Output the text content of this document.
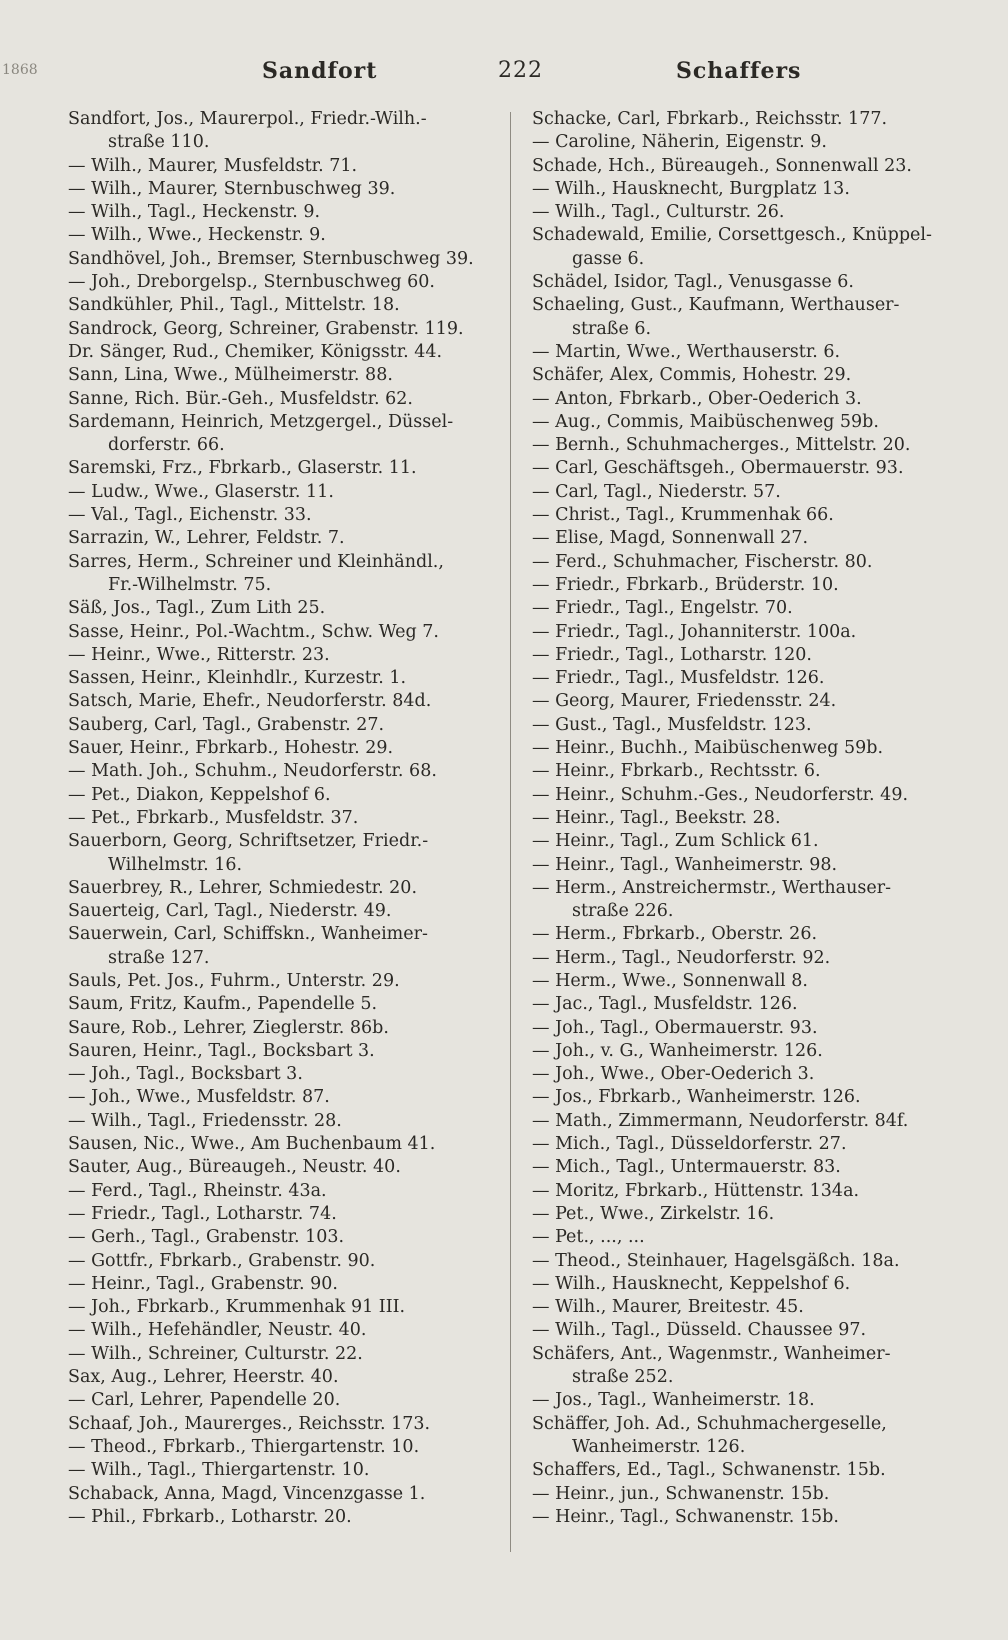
1868	Sandfort	222	Schaffers
Sandfort, Jos., Maurerpol., Friedr.-Wilh.-
straße 110.
— Wilh., Maurer, Musfeldstr. 71.
— Wilh., Maurer, Sternbuschweg 39.
— Wilh., Tagl., Heckenstr. 9.
— Wilh., Wwe., Heckenstr. 9.
Sandhövel, Joh., Bremser, Sternbuschweg 39.
— Joh., Dreborgelsp., Sternbuschweg 60.
Sandkühler, Phil., Tagl., Mittelstr. 18.
Sandrock, Georg, Schreiner, Grabenstr. 119.
Dr. Sänger, Rud., Chemiker, Königsstr. 44.
Sann, Lina, Wwe., Mülheimerstr. 88.
Sanne, Rich. Bür.-Geh., Musfeldstr. 62.
Sardemann, Heinrich, Metzgergel., Düssel-
dorferstr. 66.
Saremski, Frz., Fbrkarb., Glaserstr. 11.
— Ludw., Wwe., Glaserstr. 11.
— Val., Tagl., Eichenstr. 33.
Sarrazin, W., Lehrer, Feldstr. 7.
Sarres, Herm., Schreiner und Kleinhändl.,
Fr.-Wilhelmstr. 75.
Säß, Jos., Tagl., Zum Lith 25.
Sasse, Heinr., Pol.-Wachtm., Schw. Weg 7.
— Heinr., Wwe., Ritterstr. 23.
Sassen, Heinr., Kleinhdlr., Kurzestr. 1.
Satsch, Marie, Ehefr., Neudorferstr. 84d.
Sauberg, Carl, Tagl., Grabenstr. 27.
Sauer, Heinr., Fbrkarb., Hohestr. 29.
— Math. Joh., Schuhm., Neudorferstr. 68.
— Pet., Diakon, Keppelshof 6.
— Pet., Fbrkarb., Musfeldstr. 37.
Sauerborn, Georg, Schriftsetzer, Friedr.-
Wilhelmstr. 16.
Sauerbrey, R., Lehrer, Schmiedestr. 20.
Sauerteig, Carl, Tagl., Niederstr. 49.
Sauerwein, Carl, Schiffskn., Wanheimer-
straße 127.
Sauls, Pet. Jos., Fuhrm., Unterstr. 29.
Saum, Fritz, Kaufm., Papendelle 5.
Saure, Rob., Lehrer, Zieglerstr. 86b.
Sauren, Heinr., Tagl., Bocksbart 3.
— Joh., Tagl., Bocksbart 3.
— Joh., Wwe., Musfeldstr. 87.
— Wilh., Tagl., Friedensstr. 28.
Sausen, Nic., Wwe., Am Buchenbaum 41.
Sauter, Aug., Büreaugeh., Neustr. 40.
— Ferd., Tagl., Rheinstr. 43a.
— Friedr., Tagl., Lotharstr. 74.
— Gerh., Tagl., Grabenstr. 103.
— Gottfr., Fbrkarb., Grabenstr. 90.
— Heinr., Tagl., Grabenstr. 90.
— Joh., Fbrkarb., Krummenhak 91 III.
— Wilh., Hefehändler, Neustr. 40.
— Wilh., Schreiner, Culturstr. 22.
Sax, Aug., Lehrer, Heerstr. 40.
— Carl, Lehrer, Papendelle 20.
Schaaf, Joh., Maurerges., Reichsstr. 173.
— Theod., Fbrkarb., Thiergartenstr. 10.
— Wilh., Tagl., Thiergartenstr. 10.
Schaback, Anna, Magd, Vincenzgasse 1.
— Phil., Fbrkarb., Lotharstr. 20.
Schacke, Carl, Fbrkarb., Reichsstr. 177.
— Caroline, Näherin, Eigenstr. 9.
Schade, Hch., Büreaugeh., Sonnenwall 23.
— Wilh., Hausknecht, Burgplatz 13.
— Wilh., Tagl., Culturstr. 26.
Schadewald, Emilie, Corsettgesch., Knüppel-
gasse 6.
Schädel, Isidor, Tagl., Venusgasse 6.
Schaeling, Gust., Kaufmann, Werthauser-
straße 6.
— Martin, Wwe., Werthauserstr. 6.
Schäfer, Alex, Commis, Hohestr. 29.
— Anton, Fbrkarb., Ober-Oederich 3.
— Aug., Commis, Maibüschenweg 59b.
— Bernh., Schuhmacherges., Mittelstr. 20.
— Carl, Geschäftsgeh., Obermauerstr. 93.
— Carl, Tagl., Niederstr. 57.
— Christ., Tagl., Krummenhak 66.
— Elise, Magd, Sonnenwall 27.
— Ferd., Schuhmacher, Fischerstr. 80.
— Friedr., Fbrkarb., Brüderstr. 10.
— Friedr., Tagl., Engelstr. 70.
— Friedr., Tagl., Johanniterstr. 100a.
— Friedr., Tagl., Lotharstr. 120.
— Friedr., Tagl., Musfeldstr. 126.
— Georg, Maurer, Friedensstr. 24.
— Gust., Tagl., Musfeldstr. 123.
— Heinr., Buchh., Maibüschenweg 59b.
— Heinr., Fbrkarb., Rechtsstr. 6.
— Heinr., Schuhm.-Ges., Neudorferstr. 49.
— Heinr., Tagl., Beekstr. 28.
— Heinr., Tagl., Zum Schlick 61.
— Heinr., Tagl., Wanheimerstr. 98.
— Herm., Anstreichermstr., Werthauser-
straße 226.
— Herm., Fbrkarb., Oberstr. 26.
— Herm., Tagl., Neudorferstr. 92.
— Herm., Wwe., Sonnenwall 8.
— Jac., Tagl., Musfeldstr. 126.
— Joh., Tagl., Obermauerstr. 93.
— Joh., v. G., Wanheimerstr. 126.
— Joh., Wwe., Ober-Oederich 3.
— Jos., Fbrkarb., Wanheimerstr. 126.
— Math., Zimmermann, Neudorferstr. 84f.
— Mich., Tagl., Düsseldorferstr. 27.
— Mich., Tagl., Untermauerstr. 83.
— Moritz, Fbrkarb., Hüttenstr. 134a.
— Pet., Wwe., Zirkelstr. 16.
— Pet., ..., ...
— Theod., Steinhauer, Hagelsgäßch. 18a.
— Wilh., Hausknecht, Keppelshof 6.
— Wilh., Maurer, Breitestr. 45.
— Wilh., Tagl., Düsseld. Chaussee 97.
Schäfers, Ant., Wagenmstr., Wanheimer-
straße 252.
— Jos., Tagl., Wanheimerstr. 18.
Schäffer, Joh. Ad., Schuhmachergeselle,
Wanheimerstr. 126.
Schaffers, Ed., Tagl., Schwanenstr. 15b.
— Heinr., jun., Schwanenstr. 15b.
— Heinr., Tagl., Schwanenstr. 15b.
